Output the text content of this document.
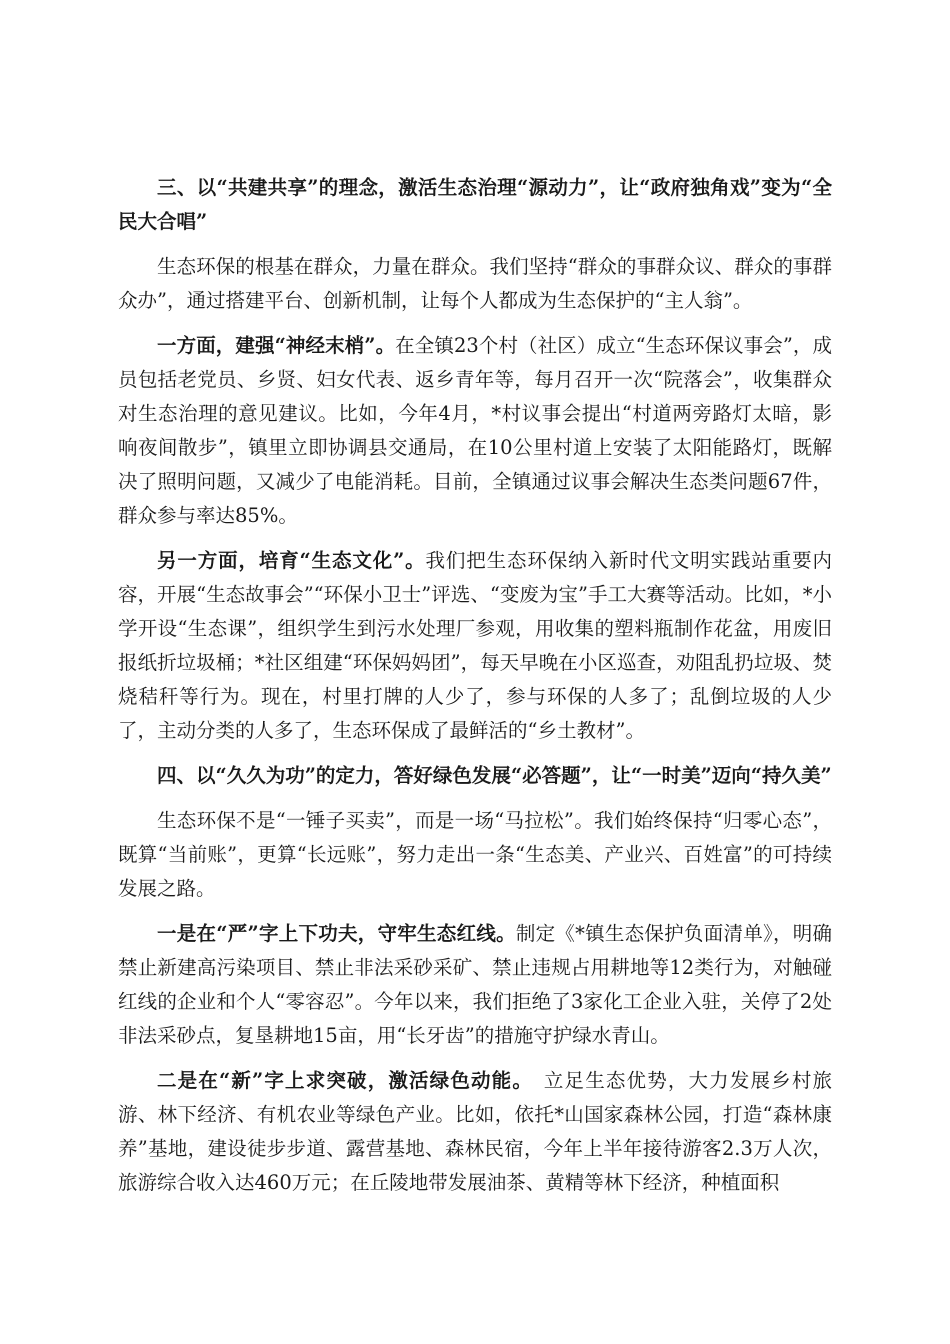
三、以“共建共享”的理念，激活生态治理“源动力”，让“政府独角戏”变为“全民大合唱”

生态环保的根基在群众，力量在群众。我们坚持“群众的事群众议、群众的事群众办”，通过搭建平台、创新机制，让每个人都成为生态保护的“主人翁”。

一方面，建强“神经末梢”。在全镇23个村（社区）成立“生态环保议事会”，成员包括老党员、乡贤、妇女代表、返乡青年等，每月召开一次“院落会”，收集群众对生态治理的意见建议。比如，今年4月，*村议事会提出“村道两旁路灯太暗，影响夜间散步”，镇里立即协调县交通局，在10公里村道上安装了太阳能路灯，既解决了照明问题，又减少了电能消耗。目前，全镇通过议事会解决生态类问题67件，群众参与率达85%。

另一方面，培育“生态文化”。我们把生态环保纳入新时代文明实践站重要内容，开展“生态故事会”“环保小卫士”评选、“变废为宝”手工大赛等活动。比如，*小学开设“生态课”，组织学生到污水处理厂参观，用收集的塑料瓶制作花盆，用废旧报纸折垃圾桶；*社区组建“环保妈妈团”，每天早晚在小区巡查，劝阻乱扔垃圾、焚烧秸秆等行为。现在，村里打牌的人少了，参与环保的人多了；乱倒垃圾的人少了，主动分类的人多了，生态环保成了最鲜活的“乡土教材”。

四、以“久久为功”的定力，答好绿色发展“必答题”，让“一时美”迈向“持久美”

生态环保不是“一锤子买卖”，而是一场“马拉松”。我们始终保持“归零心态”，既算“当前账”，更算“长远账”，努力走出一条“生态美、产业兴、百姓富”的可持续发展之路。

一是在“严”字上下功夫，守牢生态红线。制定《*镇生态保护负面清单》，明确禁止新建高污染项目、禁止非法采砂采矿、禁止违规占用耕地等12类行为，对触碰红线的企业和个人“零容忍”。今年以来，我们拒绝了3家化工企业入驻，关停了2处非法采砂点，复垦耕地15亩，用“长牙齿”的措施守护绿水青山。

二是在“新”字上求突破，激活绿色动能。　立足生态优势，大力发展乡村旅游、林下经济、有机农业等绿色产业。比如，依托*山国家森林公园，打造“森林康养”基地，建设徒步步道、露营基地、森林民宿，今年上半年接待游客2.3万人次，旅游综合收入达460万元；在丘陵地带发展油茶、黄精等林下经济，种植面积
